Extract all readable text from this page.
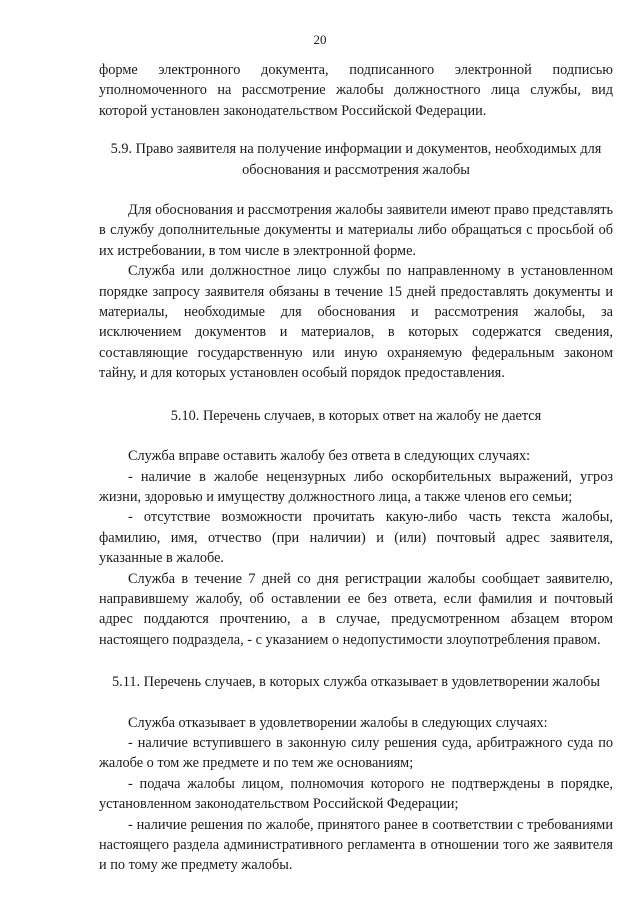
20

форме электронного документа, подписанного электронной подписью уполномоченного на рассмотрение жалобы должностного лица службы, вид которой установлен законодательством Российской Федерации.

5.9. Право заявителя на получение информации и документов, необходимых для обоснования и рассмотрения жалобы

Для обоснования и рассмотрения жалобы заявители имеют право представлять в службу дополнительные документы и материалы либо обращаться с просьбой об их истребовании, в том числе в электронной форме.

Служба или должностное лицо службы по направленному в установленном порядке запросу заявителя обязаны в течение 15 дней предоставлять документы и материалы, необходимые для обоснования и рассмотрения жалобы, за исключением документов и материалов, в которых содержатся сведения, составляющие государственную или иную охраняемую федеральным законом тайну, и для которых установлен особый порядок предоставления.

5.10. Перечень случаев, в которых ответ на жалобу не дается

Служба вправе оставить жалобу без ответа в следующих случаях:

- наличие в жалобе нецензурных либо оскорбительных выражений, угроз жизни, здоровью и имуществу должностного лица, а также членов его семьи;

- отсутствие возможности прочитать какую-либо часть текста жалобы, фамилию, имя, отчество (при наличии) и (или) почтовый адрес заявителя, указанные в жалобе.

Служба в течение 7 дней со дня регистрации жалобы сообщает заявителю, направившему жалобу, об оставлении ее без ответа, если фамилия и почтовый адрес поддаются прочтению, а в случае, предусмотренном абзацем втором настоящего подраздела, - с указанием о недопустимости злоупотребления правом.

5.11. Перечень случаев, в которых служба отказывает в удовлетворении жалобы

Служба отказывает в удовлетворении жалобы в следующих случаях:

- наличие вступившего в законную силу решения суда, арбитражного суда по жалобе о том же предмете и по тем же основаниям;

- подача жалобы лицом, полномочия которого не подтверждены в порядке, установленном законодательством Российской Федерации;

- наличие решения по жалобе, принятого ранее в соответствии с требованиями настоящего раздела административного регламента в отношении того же заявителя и по тому же предмету жалобы.
